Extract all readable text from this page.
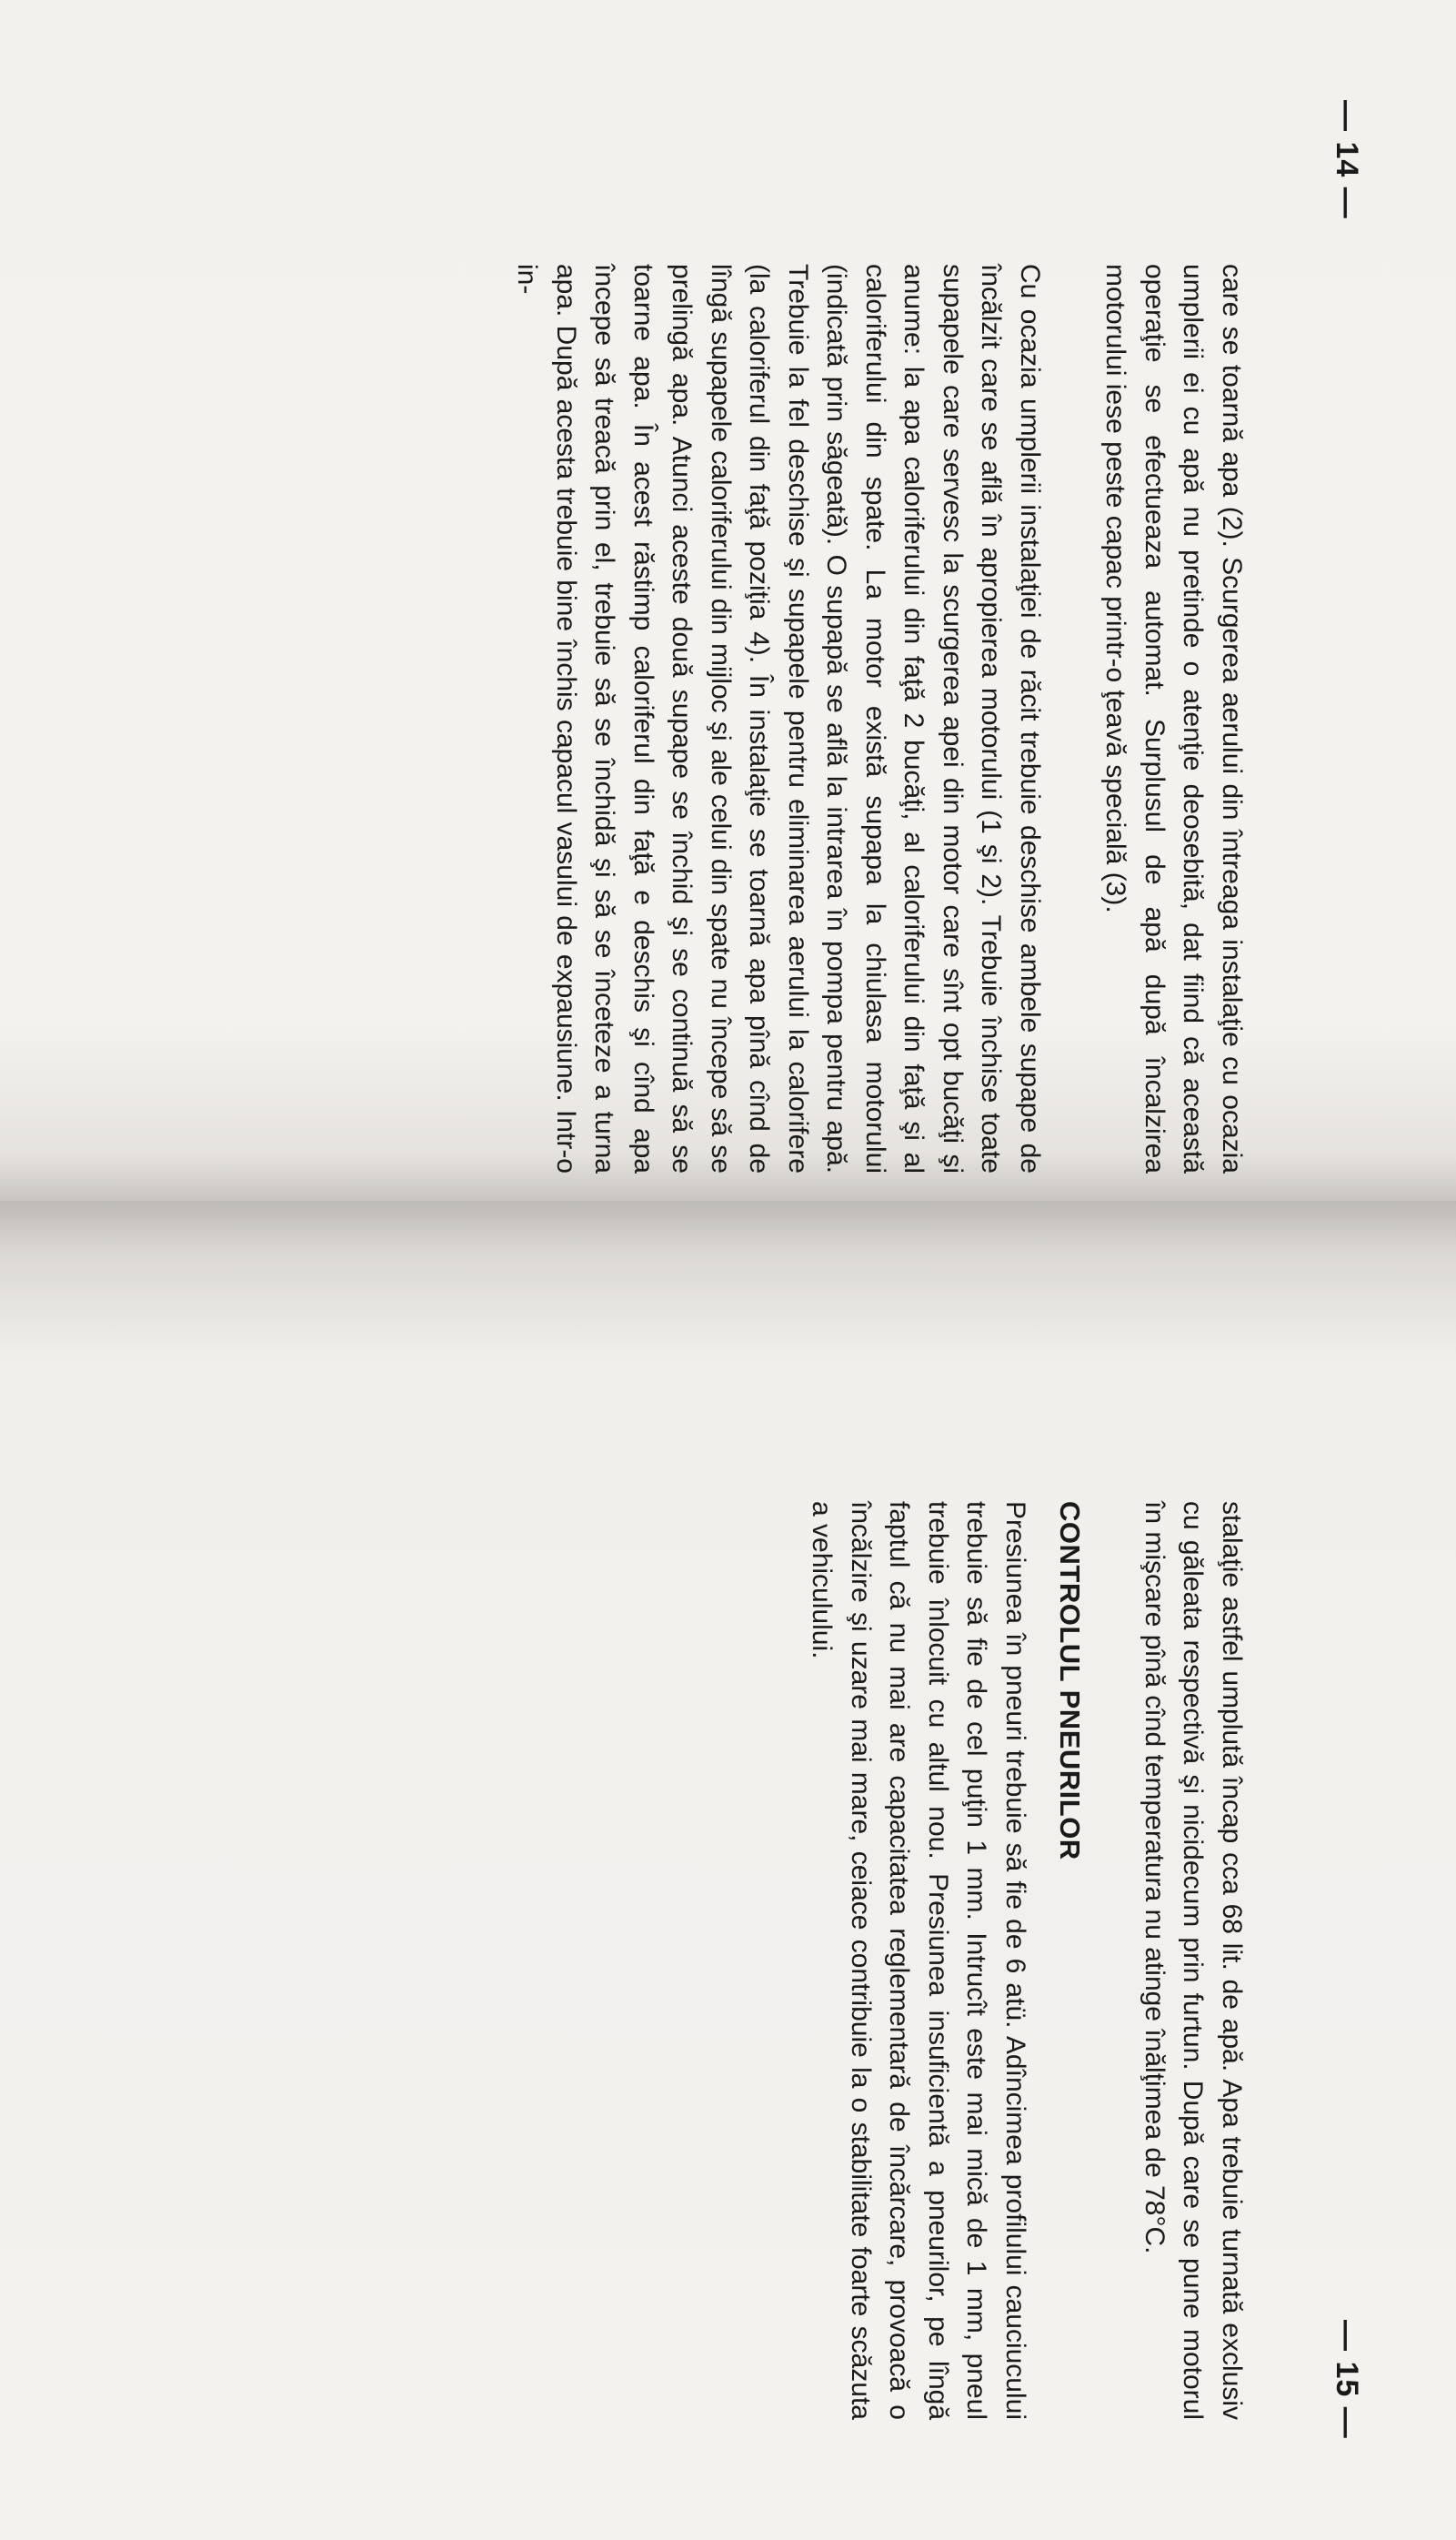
— 14 —

care se toarnă apa (2). Scurgerea aerului din întreaga instalaţie cu ocazia umplerii ei cu apă nu pretinde o atenţie deosebită, dat fiind că această operaţie se efectueaza automat. Surplusul de apă după încalzirea motorului iese peste capac printr-o ţeavă specială (3).

Cu ocazia umplerii instalaţiei de răcit trebuie deschise ambele supape de încălzit care se află în apropierea motorului (1 şi 2). Trebuie închise toate supapele care servesc la scurgerea apei din motor care sînt opt bucăţi şi anume: la apa caloriferului din faţă 2 bucăţi, al caloriferului din faţă şi al caloriferului din spate. La motor există supapa la chiulasa motorului (indicată prin săgeată). O supapă se află la intrarea în pompa pentru apă. Trebuie la fel deschise şi supapele pentru eliminarea aerului la calorifere (la caloriferul din faţă poziţia 4). În instalaţie se toarnă apa pînă cînd de lîngă supapele caloriferului din mijloc şi ale celui din spate nu începe să se prelingă apa. Atunci aceste două supape se închid şi se continuă să se toarne apa. În acest răstimp caloriferul din faţă e deschis şi cînd apa începe să treacă prin el, trebuie să se închidă şi să se înceteze a turna apa. După acesta trebuie bine închis capacul vasului de expausiune. Intr-o in-

— 15 —

stalaţie astfel umplută încap cca 68 lit. de apă. Apa trebuie turnată exclusiv cu găleata respectivă şi nicidecum prin furtun. După care se pune motorul în mişcare pînă cînd temperatura nu atinge înălţimea de 78°C.

CONTROLUL PNEURILOR

Presiunea în pneuri trebuie să fie de 6 atü. Adîncimea profilului cauciucului trebuie să fie de cel puţin 1 mm. Intrucît este mai mică de 1 mm, pneul trebuie înlocuit cu altul nou. Presiunea insuficientă a pneurilor, pe lîngă faptul că nu mai are capacitatea reglementară de încărcare, provoacă o încălzire şi uzare mai mare, ceiace contribuie la o stabilitate foarte scăzuta a vehiculului.
